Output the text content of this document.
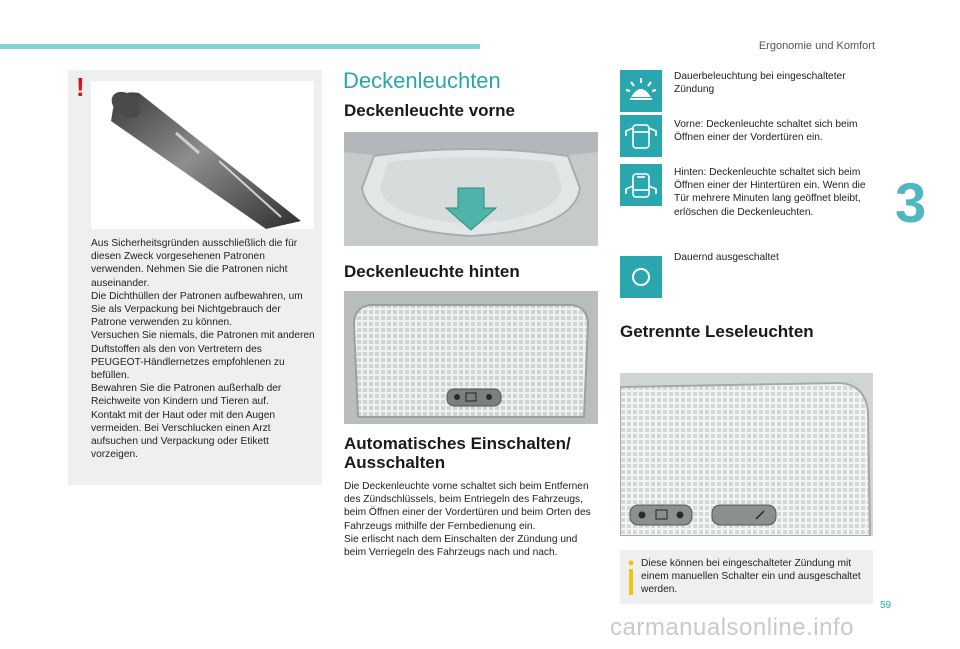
Ergonomie und Komfort
3
59
!
Aus Sicherheitsgründen ausschließlich die für diesen Zweck vorgesehenen Patronen verwenden. Nehmen Sie die Patronen nicht auseinander.
Die Dichthüllen der Patronen aufbewahren, um Sie als Verpackung bei Nichtgebrauch der Patrone verwenden zu können.
Versuchen Sie niemals, die Patronen mit anderen Duftstoffen als den von Vertretern des PEUGEOT-Händlernetzes empfohlenen zu befüllen.
Bewahren Sie die Patronen außerhalb der Reichweite von Kindern und Tieren auf.
Kontakt mit der Haut oder mit den Augen vermeiden. Bei Verschlucken einen Arzt aufsuchen und Verpackung oder Etikett vorzeigen.
Deckenleuchten
Deckenleuchte vorne
Deckenleuchte hinten
Automatisches Einschalten/ Ausschalten
Die Deckenleuchte vorne schaltet sich beim Entfernen des Zündschlüssels, beim Entriegeln des Fahrzeugs, beim Öffnen einer der Vordertüren und beim Orten des Fahrzeugs mithilfe der Fernbedienung ein.
Sie erlischt nach dem Einschalten der Zündung und beim Verriegeln des Fahrzeugs nach und nach.
Dauerbeleuchtung bei eingeschalteter Zündung
Vorne: Deckenleuchte schaltet sich beim Öffnen einer der Vordertüren ein.
Hinten: Deckenleuchte schaltet sich beim Öffnen einer der Hintertüren ein. Wenn die Tür mehrere Minuten lang geöffnet bleibt, erlöschen die Deckenleuchten.
Dauernd ausgeschaltet
Getrennte Leseleuchten
Diese können bei eingeschalteter Zündung mit einem manuellen Schalter ein und ausgeschaltet werden.
carmanualsonline.info
